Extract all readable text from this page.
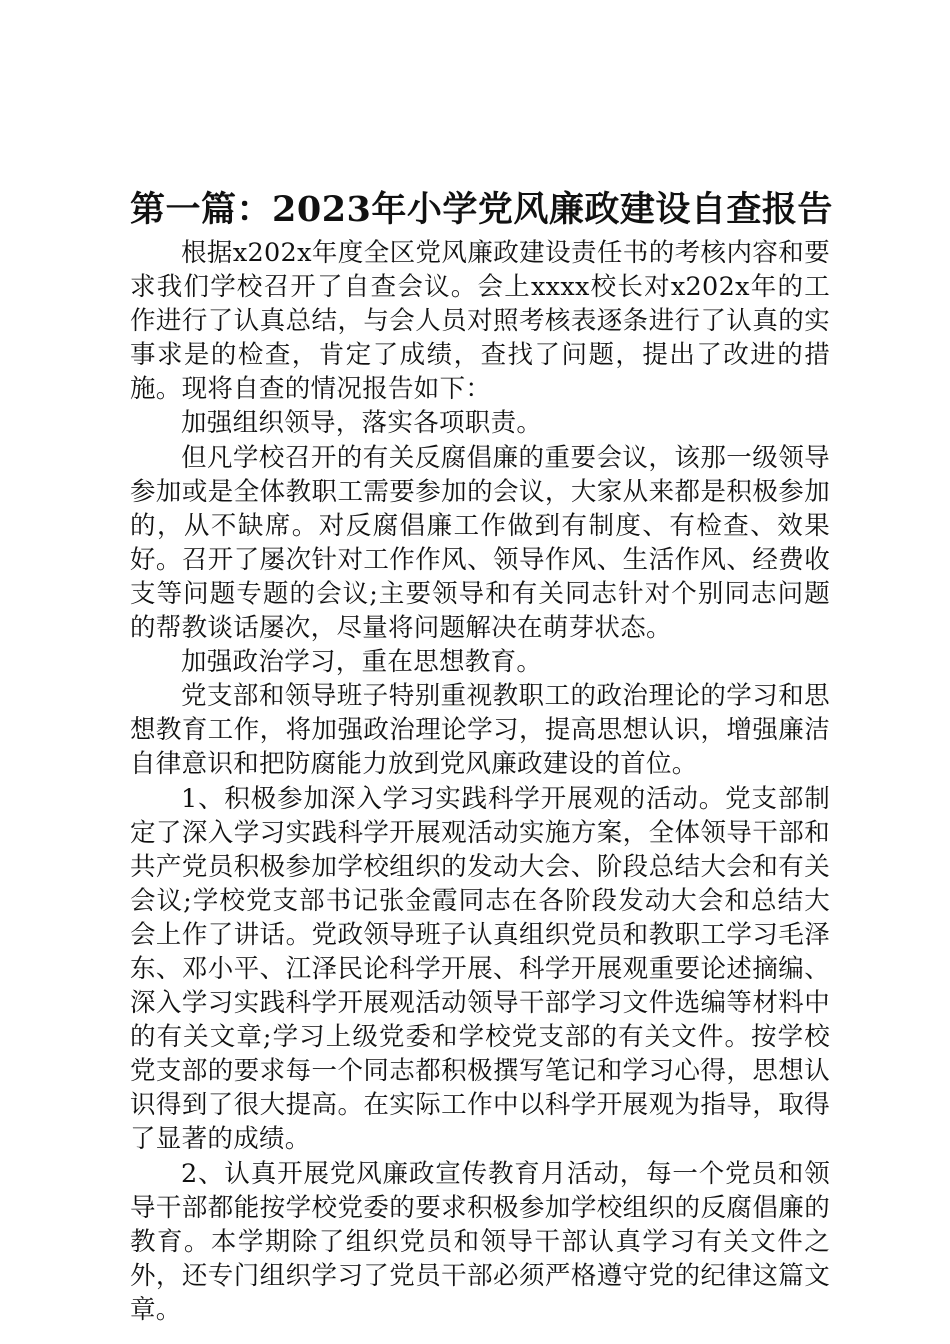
第一篇：2023年小学党风廉政建设自查报告

根据x202x年度全区党风廉政建设责任书的考核内容和要求我们学校召开了自查会议。会上xxxx校长对x202x年的工作进行了认真总结，与会人员对照考核表逐条进行了认真的实事求是的检查，肯定了成绩，查找了问题，提出了改进的措施。现将自查的情况报告如下：

加强组织领导，落实各项职责。

但凡学校召开的有关反腐倡廉的重要会议，该那一级领导参加或是全体教职工需要参加的会议，大家从来都是积极参加的，从不缺席。对反腐倡廉工作做到有制度、有检查、效果好。召开了屡次针对工作作风、领导作风、生活作风、经费收支等问题专题的会议;主要领导和有关同志针对个别同志问题的帮教谈话屡次，尽量将问题解决在萌芽状态。

加强政治学习，重在思想教育。

党支部和领导班子特别重视教职工的政治理论的学习和思想教育工作，将加强政治理论学习，提高思想认识，增强廉洁自律意识和把防腐能力放到党风廉政建设的首位。

1、积极参加深入学习实践科学开展观的活动。党支部制定了深入学习实践科学开展观活动实施方案，全体领导干部和共产党员积极参加学校组织的发动大会、阶段总结大会和有关会议;学校党支部书记张金霞同志在各阶段发动大会和总结大会上作了讲话。党政领导班子认真组织党员和教职工学习毛泽东、邓小平、江泽民论科学开展、科学开展观重要论述摘编、深入学习实践科学开展观活动领导干部学习文件选编等材料中的有关文章;学习上级党委和学校党支部的有关文件。按学校党支部的要求每一个同志都积极撰写笔记和学习心得，思想认识得到了很大提高。在实际工作中以科学开展观为指导，取得了显著的成绩。

2、认真开展党风廉政宣传教育月活动，每一个党员和领导干部都能按学校党委的要求积极参加学校组织的反腐倡廉的教育。本学期除了组织党员和领导干部认真学习有关文件之外，还专门组织学习了党员干部必须严格遵守党的纪律这篇文章。
